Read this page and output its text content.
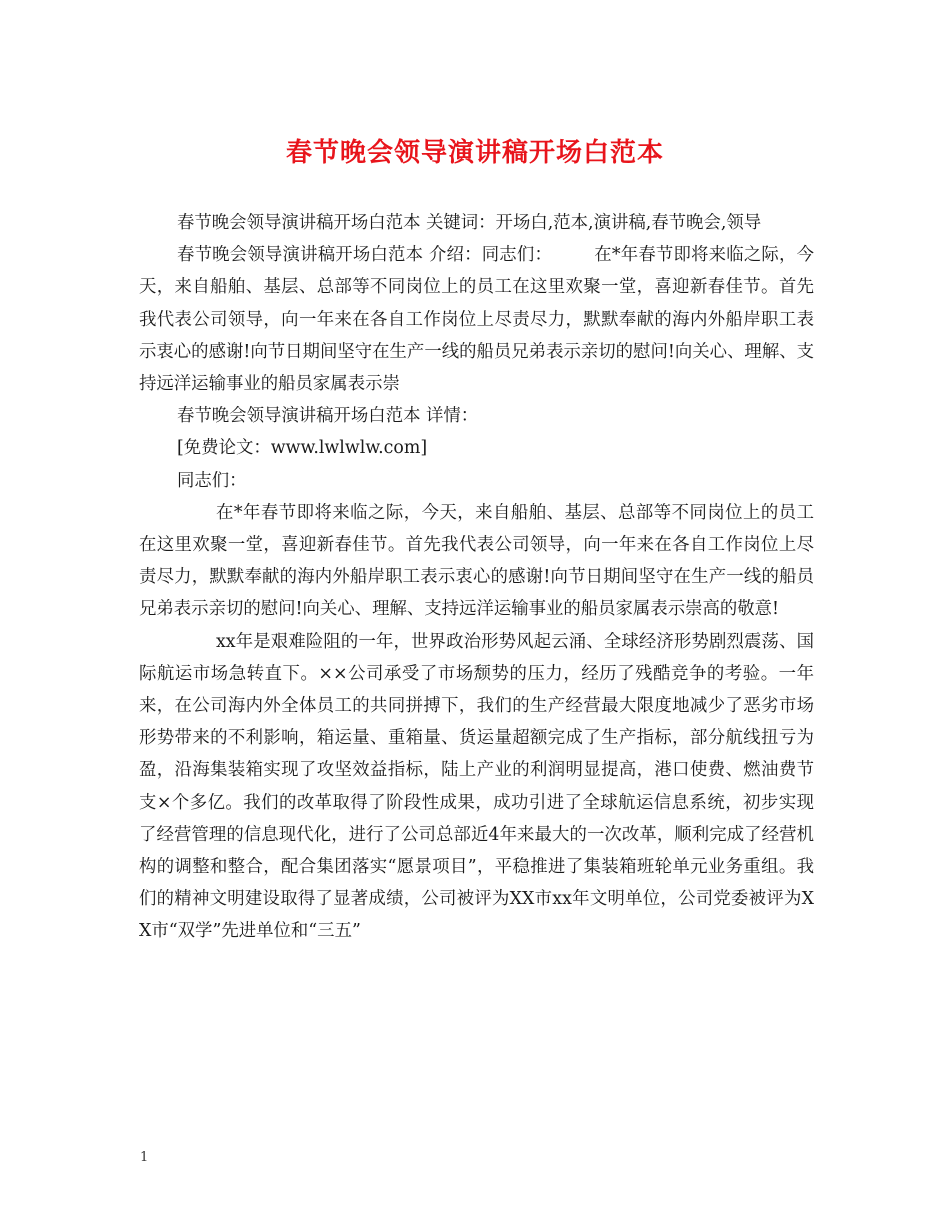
春节晚会领导演讲稿开场白范本

春节晚会领导演讲稿开场白范本 关键词：开场白,范本,演讲稿,春节晚会,领导

春节晚会领导演讲稿开场白范本 介绍：同志们： 在*年春节即将来临之际，今天，来自船舶、基层、总部等不同岗位上的员工在这里欢聚一堂，喜迎新春佳节。首先我代表公司领导，向一年来在各自工作岗位上尽责尽力，默默奉献的海内外船岸职工表示衷心的感谢!向节日期间坚守在生产一线的船员兄弟表示亲切的慰问!向关心、理解、支持远洋运输事业的船员家属表示崇

春节晚会领导演讲稿开场白范本 详情：

[免费论文：www.lwlwlw.com]

同志们：

在*年春节即将来临之际，今天，来自船舶、基层、总部等不同岗位上的员工在这里欢聚一堂，喜迎新春佳节。首先我代表公司领导，向一年来在各自工作岗位上尽责尽力，默默奉献的海内外船岸职工表示衷心的感谢!向节日期间坚守在生产一线的船员兄弟表示亲切的慰问!向关心、理解、支持远洋运输事业的船员家属表示崇高的敬意!

xx年是艰难险阻的一年，世界政治形势风起云涌、全球经济形势剧烈震荡、国际航运市场急转直下。××公司承受了市场颓势的压力，经历了残酷竞争的考验。一年来，在公司海内外全体员工的共同拼搏下，我们的生产经营最大限度地减少了恶劣市场形势带来的不利影响，箱运量、重箱量、货运量超额完成了生产指标，部分航线扭亏为盈，沿海集装箱实现了攻坚效益指标，陆上产业的利润明显提高，港口使费、燃油费节支×个多亿。我们的改革取得了阶段性成果，成功引进了全球航运信息系统，初步实现了经营管理的信息现代化，进行了公司总部近4年来最大的一次改革，顺利完成了经营机构的调整和整合，配合集团落实“愿景项目”，平稳推进了集装箱班轮单元业务重组。我们的精神文明建设取得了显著成绩，公司被评为XX市xx年文明单位，公司党委被评为XX市“双学”先进单位和“三五”

1
